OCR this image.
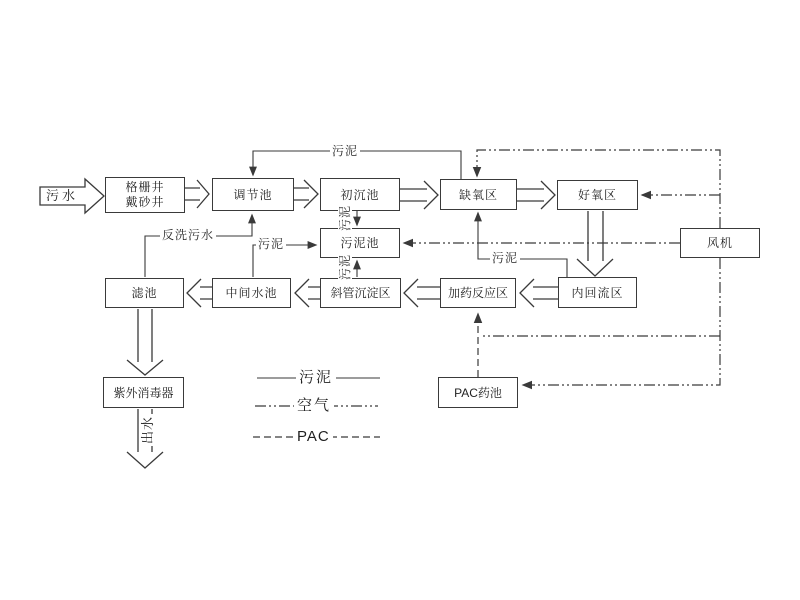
污水
格栅井
戴砂井
调节池	初沉池	缺氧区	好氧区
风机
污泥池
内回流区
加药反应区
斜管沉淀区
中间水池
滤池
紫外消毒器	PAC药池
污泥
反洗污水
污泥
污泥
污泥	污泥
出水
污泥
空气
PAC
